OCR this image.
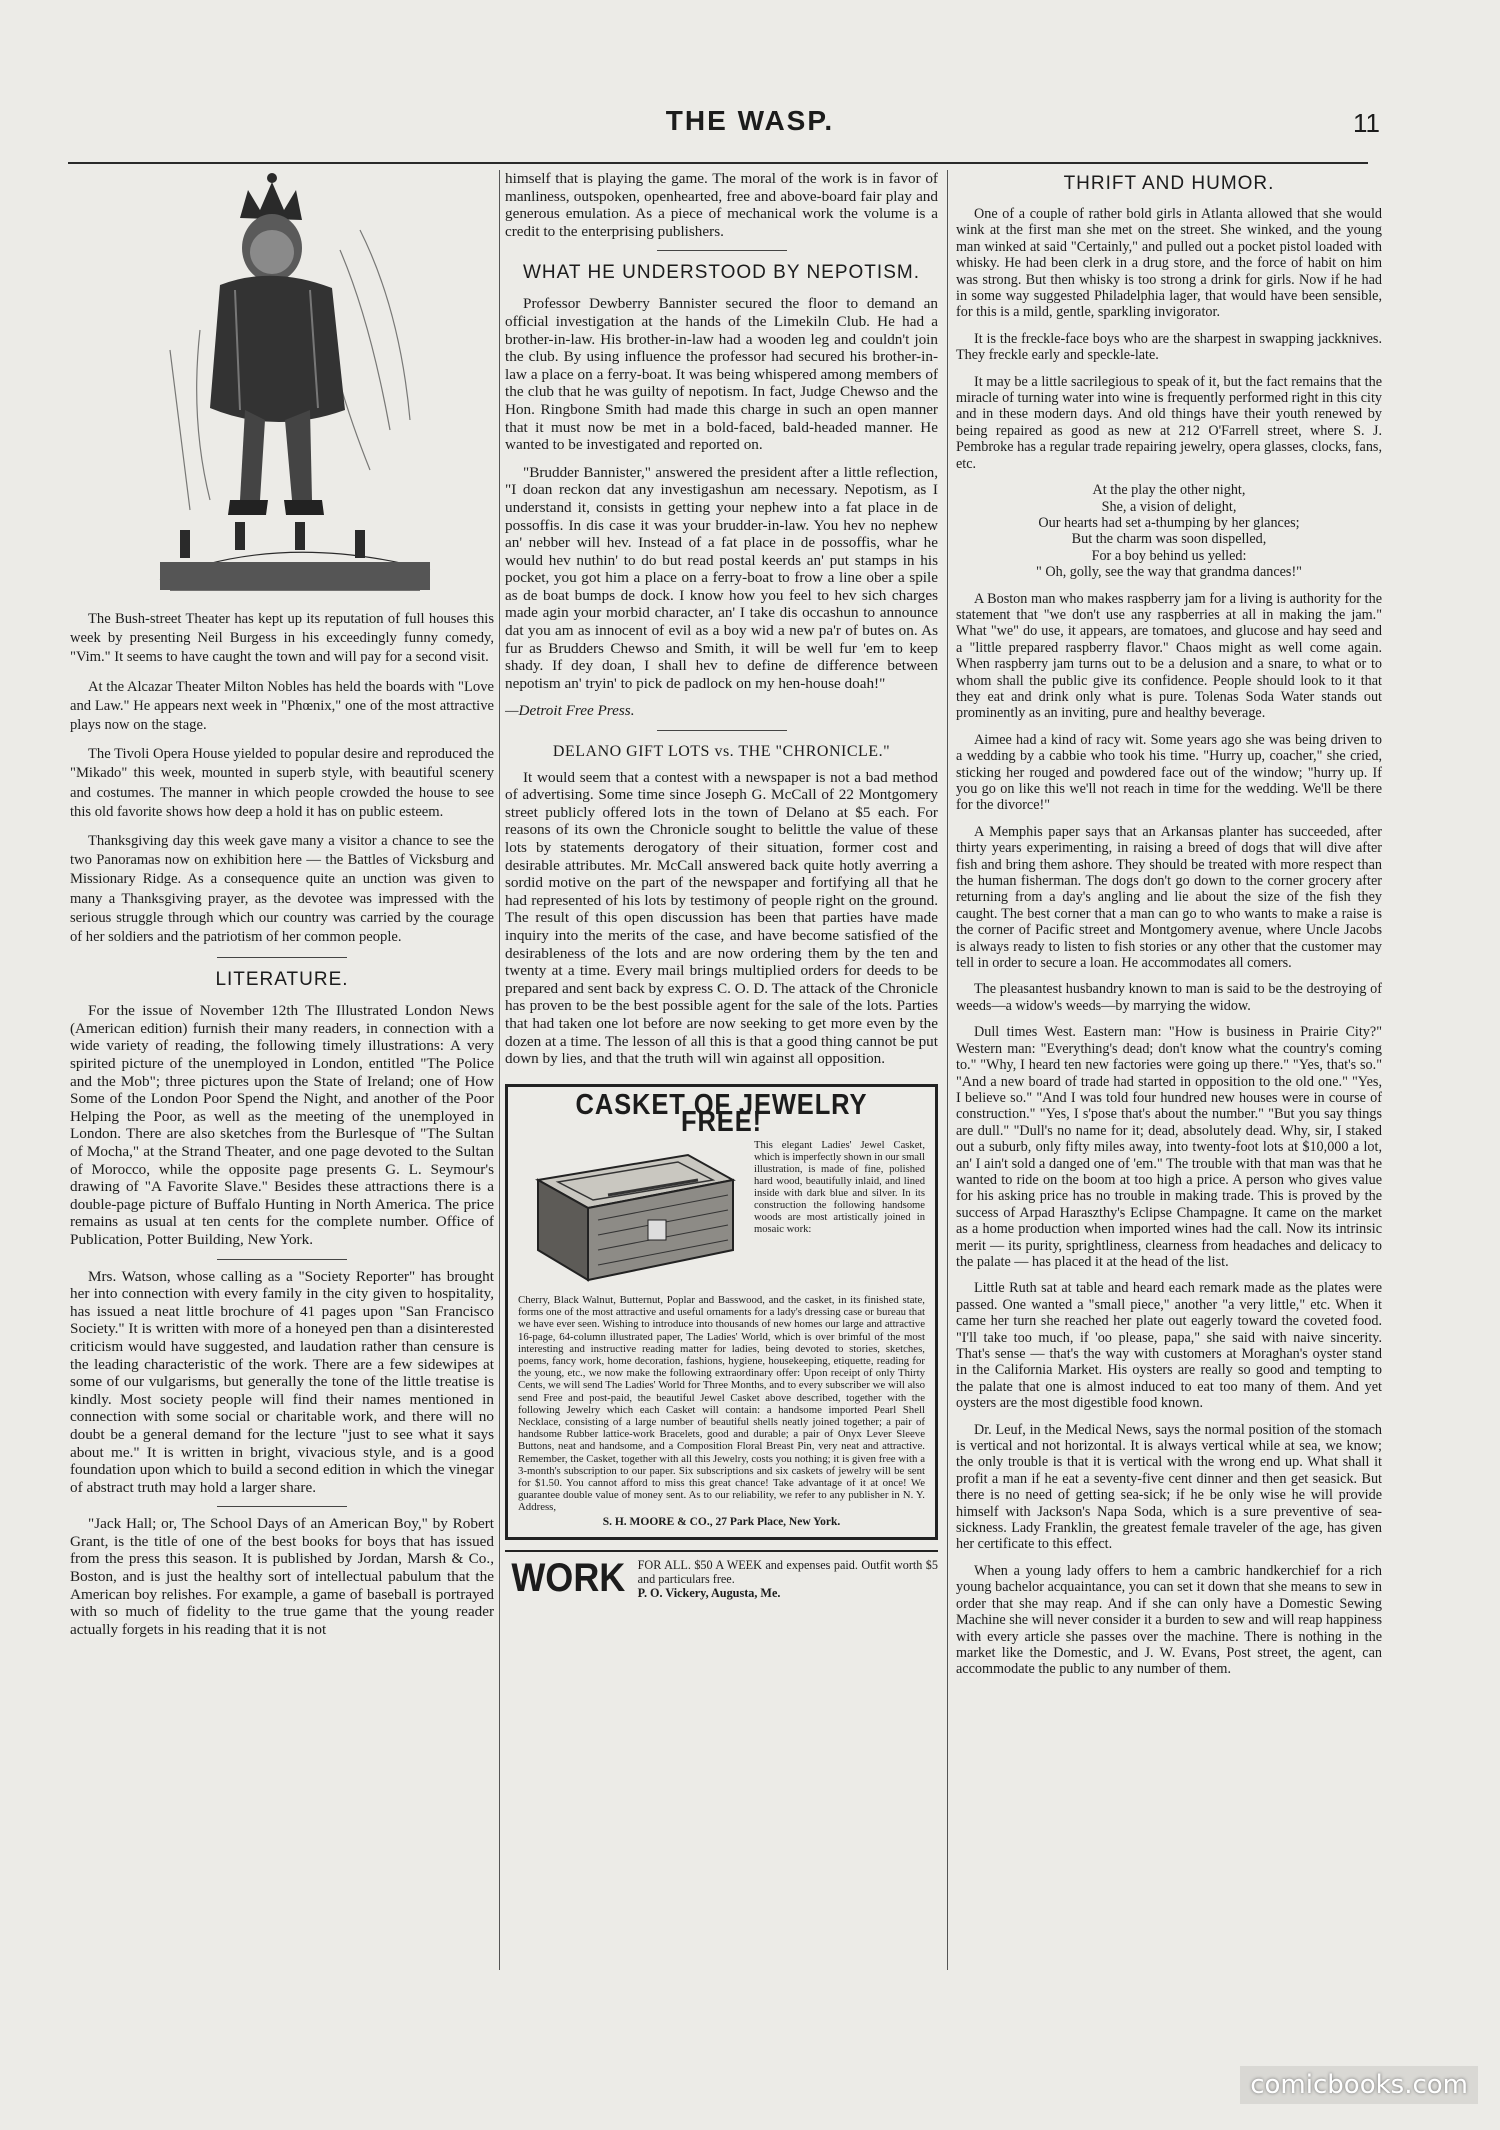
THE WASP.	11

The Bush-street Theater has kept up its reputation of full houses this week by presenting Neil Burgess in his exceedingly funny comedy, "Vim." It seems to have caught the town and will pay for a second visit.

At the Alcazar Theater Milton Nobles has held the boards with "Love and Law." He appears next week in "Phœnix," one of the most attractive plays now on the stage.

The Tivoli Opera House yielded to popular desire and reproduced the "Mikado" this week, mounted in superb style, with beautiful scenery and costumes. The manner in which people crowded the house to see this old favorite shows how deep a hold it has on public esteem.

Thanksgiving day this week gave many a visitor a chance to see the two Panoramas now on exhibition here — the Battles of Vicksburg and Missionary Ridge. As a consequence quite an unction was given to many a Thanksgiving prayer, as the devotee was impressed with the serious struggle through which our country was carried by the courage of her soldiers and the patriotism of her common people.

LITERATURE.

For the issue of November 12th The Illustrated London News (American edition) furnish their many readers, in connection with a wide variety of reading, the following timely illustrations: A very spirited picture of the unemployed in London, entitled "The Police and the Mob"; three pictures upon the State of Ireland; one of How Some of the London Poor Spend the Night, and another of the Poor Helping the Poor, as well as the meeting of the unemployed in London. There are also sketches from the Burlesque of "The Sultan of Mocha," at the Strand Theater, and one page devoted to the Sultan of Morocco, while the opposite page presents G. L. Seymour's drawing of "A Favorite Slave." Besides these attractions there is a double-page picture of Buffalo Hunting in North America. The price remains as usual at ten cents for the complete number. Office of Publication, Potter Building, New York.

Mrs. Watson, whose calling as a "Society Reporter" has brought her into connection with every family in the city given to hospitality, has issued a neat little brochure of 41 pages upon "San Francisco Society." It is written with more of a honeyed pen than a disinterested criticism would have suggested, and laudation rather than censure is the leading characteristic of the work. There are a few sidewipes at some of our vulgarisms, but generally the tone of the little treatise is kindly. Most society people will find their names mentioned in connection with some social or charitable work, and there will no doubt be a general demand for the lecture "just to see what it says about me." It is written in bright, vivacious style, and is a good foundation upon which to build a second edition in which the vinegar of abstract truth may hold a larger share.

"Jack Hall; or, The School Days of an American Boy," by Robert Grant, is the title of one of the best books for boys that has issued from the press this season. It is published by Jordan, Marsh & Co., Boston, and is just the healthy sort of intellectual pabulum that the American boy relishes. For example, a game of baseball is portrayed with so much of fidelity to the true game that the young reader actually forgets in his reading that it is not

himself that is playing the game. The moral of the work is in favor of manliness, outspoken, openhearted, free and above-board fair play and generous emulation. As a piece of mechanical work the volume is a credit to the enterprising publishers.

WHAT HE UNDERSTOOD BY NEPOTISM.

Professor Dewberry Bannister secured the floor to demand an official investigation at the hands of the Limekiln Club. He had a brother-in-law. His brother-in-law had a wooden leg and couldn't join the club. By using influence the professor had secured his brother-in-law a place on a ferry-boat. It was being whispered among members of the club that he was guilty of nepotism. In fact, Judge Chewso and the Hon. Ringbone Smith had made this charge in such an open manner that it must now be met in a bold-faced, bald-headed manner. He wanted to be investigated and reported on.

"Brudder Bannister," answered the president after a little reflection, "I doan reckon dat any investigashun am necessary. Nepotism, as I understand it, consists in getting your nephew into a fat place in de possoffis. In dis case it was your brudder-in-law. You hev no nephew an' nebber will hev. Instead of a fat place in de possoffis, whar he would hev nuthin' to do but read postal keerds an' put stamps in his pocket, you got him a place on a ferry-boat to frow a line ober a spile as de boat bumps de dock. I know how you feel to hev sich charges made agin your morbid character, an' I take dis occashun to announce dat you am as innocent of evil as a boy wid a new pa'r of butes on. As fur as Brudders Chewso and Smith, it will be well fur 'em to keep shady. If dey doan, I shall hev to define de difference between nepotism an' tryin' to pick de padlock on my hen-house doah!"

—Detroit Free Press.

DELANO GIFT LOTS vs. THE "CHRONICLE."

It would seem that a contest with a newspaper is not a bad method of advertising. Some time since Joseph G. McCall of 22 Montgomery street publicly offered lots in the town of Delano at $5 each. For reasons of its own the Chronicle sought to belittle the value of these lots by statements derogatory of their situation, former cost and desirable attributes. Mr. McCall answered back quite hotly averring a sordid motive on the part of the newspaper and fortifying all that he had represented of his lots by testimony of people right on the ground. The result of this open discussion has been that parties have made inquiry into the merits of the case, and have become satisfied of the desirableness of the lots and are now ordering them by the ten and twenty at a time. Every mail brings multiplied orders for deeds to be prepared and sent back by express C. O. D. The attack of the Chronicle has proven to be the best possible agent for the sale of the lots. Parties that had taken one lot before are now seeking to get more even by the dozen at a time. The lesson of all this is that a good thing cannot be put down by lies, and that the truth will win against all opposition.

CASKET OF JEWELRY FREE!
This elegant Ladies' Jewel Casket, which is imperfectly shown in our small illustration, is made of fine, polished hard wood, beautifully inlaid, and lined inside with dark blue and silver. In its construction the following handsome woods are most artistically joined in mosaic work:
Cherry, Black Walnut, Butternut, Poplar and Basswood, and the casket, in its finished state, forms one of the most attractive and useful ornaments for a lady's dressing case or bureau that we have ever seen. Wishing to introduce into thousands of new homes our large and attractive 16-page, 64-column illustrated paper, The Ladies' World, which is over brimful of the most interesting and instructive reading matter for ladies, being devoted to stories, sketches, poems, fancy work, home decoration, fashions, hygiene, housekeeping, etiquette, reading for the young, etc., we now make the following extraordinary offer: Upon receipt of only Thirty Cents, we will send The Ladies' World for Three Months, and to every subscriber we will also send Free and post-paid, the beautiful Jewel Casket above described, together with the following Jewelry which each Casket will contain: a handsome imported Pearl Shell Necklace, consisting of a large number of beautiful shells neatly joined together; a pair of handsome Rubber lattice-work Bracelets, good and durable; a pair of Onyx Lever Sleeve Buttons, neat and handsome, and a Composition Floral Breast Pin, very neat and attractive. Remember, the Casket, together with all this Jewelry, costs you nothing; it is given free with a 3-month's subscription to our paper. Six subscriptions and six caskets of jewelry will be sent for $1.50. You cannot afford to miss this great chance! Take advantage of it at once! We guarantee double value of money sent. As to our reliability, we refer to any publisher in N. Y. Address,
S. H. MOORE & CO., 27 Park Place, New York.
WORK FOR ALL. $50 A WEEK and expenses paid. Outfit worth $5 and particulars free.
P. O. Vickery, Augusta, Me.
THRIFT AND HUMOR.

One of a couple of rather bold girls in Atlanta allowed that she would wink at the first man she met on the street. She winked, and the young man winked at said "Certainly," and pulled out a pocket pistol loaded with whisky. He had been clerk in a drug store, and the force of habit on him was strong. But then whisky is too strong a drink for girls. Now if he had in some way suggested Philadelphia lager, that would have been sensible, for this is a mild, gentle, sparkling invigorator.

It is the freckle-face boys who are the sharpest in swapping jackknives. They freckle early and speckle-late.

It may be a little sacrilegious to speak of it, but the fact remains that the miracle of turning water into wine is frequently performed right in this city and in these modern days. And old things have their youth renewed by being repaired as good as new at 212 O'Farrell street, where S. J. Pembroke has a regular trade repairing jewelry, opera glasses, clocks, fans, etc.

At the play the other night,
She, a vision of delight,
Our hearts had set a-thumping by her glances;
But the charm was soon dispelled,
For a boy behind us yelled:
" Oh, golly, see the way that grandma dances!"

A Boston man who makes raspberry jam for a living is authority for the statement that "we don't use any raspberries at all in making the jam." What "we" do use, it appears, are tomatoes, and glucose and hay seed and a "little prepared raspberry flavor." Chaos might as well come again. When raspberry jam turns out to be a delusion and a snare, to what or to whom shall the public give its confidence. People should look to it that they eat and drink only what is pure. Tolenas Soda Water stands out prominently as an inviting, pure and healthy beverage.

Aimee had a kind of racy wit. Some years ago she was being driven to a wedding by a cabbie who took his time. "Hurry up, coacher," she cried, sticking her rouged and powdered face out of the window; "hurry up. If you go on like this we'll not reach in time for the wedding. We'll be there for the divorce!"

A Memphis paper says that an Arkansas planter has succeeded, after thirty years experimenting, in raising a breed of dogs that will dive after fish and bring them ashore. They should be treated with more respect than the human fisherman. The dogs don't go down to the corner grocery after returning from a day's angling and lie about the size of the fish they caught. The best corner that a man can go to who wants to make a raise is the corner of Pacific street and Montgomery avenue, where Uncle Jacobs is always ready to listen to fish stories or any other that the customer may tell in order to secure a loan. He accommodates all comers.

The pleasantest husbandry known to man is said to be the destroying of weeds—a widow's weeds—by marrying the widow.

Dull times West. Eastern man: "How is business in Prairie City?" Western man: "Everything's dead; don't know what the country's coming to." "Why, I heard ten new factories were going up there." "Yes, that's so." "And a new board of trade had started in opposition to the old one." "Yes, I believe so." "And I was told four hundred new houses were in course of construction." "Yes, I s'pose that's about the number." "But you say things are dull." "Dull's no name for it; dead, absolutely dead. Why, sir, I staked out a suburb, only fifty miles away, into twenty-foot lots at $10,000 a lot, an' I ain't sold a danged one of 'em." The trouble with that man was that he wanted to ride on the boom at too high a price. A person who gives value for his asking price has no trouble in making trade. This is proved by the success of Arpad Haraszthy's Eclipse Champagne. It came on the market as a home production when imported wines had the call. Now its intrinsic merit — its purity, sprightliness, clearness from headaches and delicacy to the palate — has placed it at the head of the list.

Little Ruth sat at table and heard each remark made as the plates were passed. One wanted a "small piece," another "a very little," etc. When it came her turn she reached her plate out eagerly toward the coveted food. "I'll take too much, if 'oo please, papa," she said with naive sincerity. That's sense — that's the way with customers at Moraghan's oyster stand in the California Market. His oysters are really so good and tempting to the palate that one is almost induced to eat too many of them. And yet oysters are the most digestible food known.

Dr. Leuf, in the Medical News, says the normal position of the stomach is vertical and not horizontal. It is always vertical while at sea, we know; the only trouble is that it is vertical with the wrong end up. What shall it profit a man if he eat a seventy-five cent dinner and then get seasick. But there is no need of getting sea-sick; if he be only wise he will provide himself with Jackson's Napa Soda, which is a sure preventive of sea-sickness. Lady Franklin, the greatest female traveler of the age, has given her certificate to this effect.

When a young lady offers to hem a cambric handkerchief for a rich young bachelor acquaintance, you can set it down that she means to sew in order that she may reap. And if she can only have a Domestic Sewing Machine she will never consider it a burden to sew and will reap happiness with every article she passes over the machine. There is nothing in the market like the Domestic, and J. W. Evans, Post street, the agent, can accommodate the public to any number of them.

comicbooks.com
